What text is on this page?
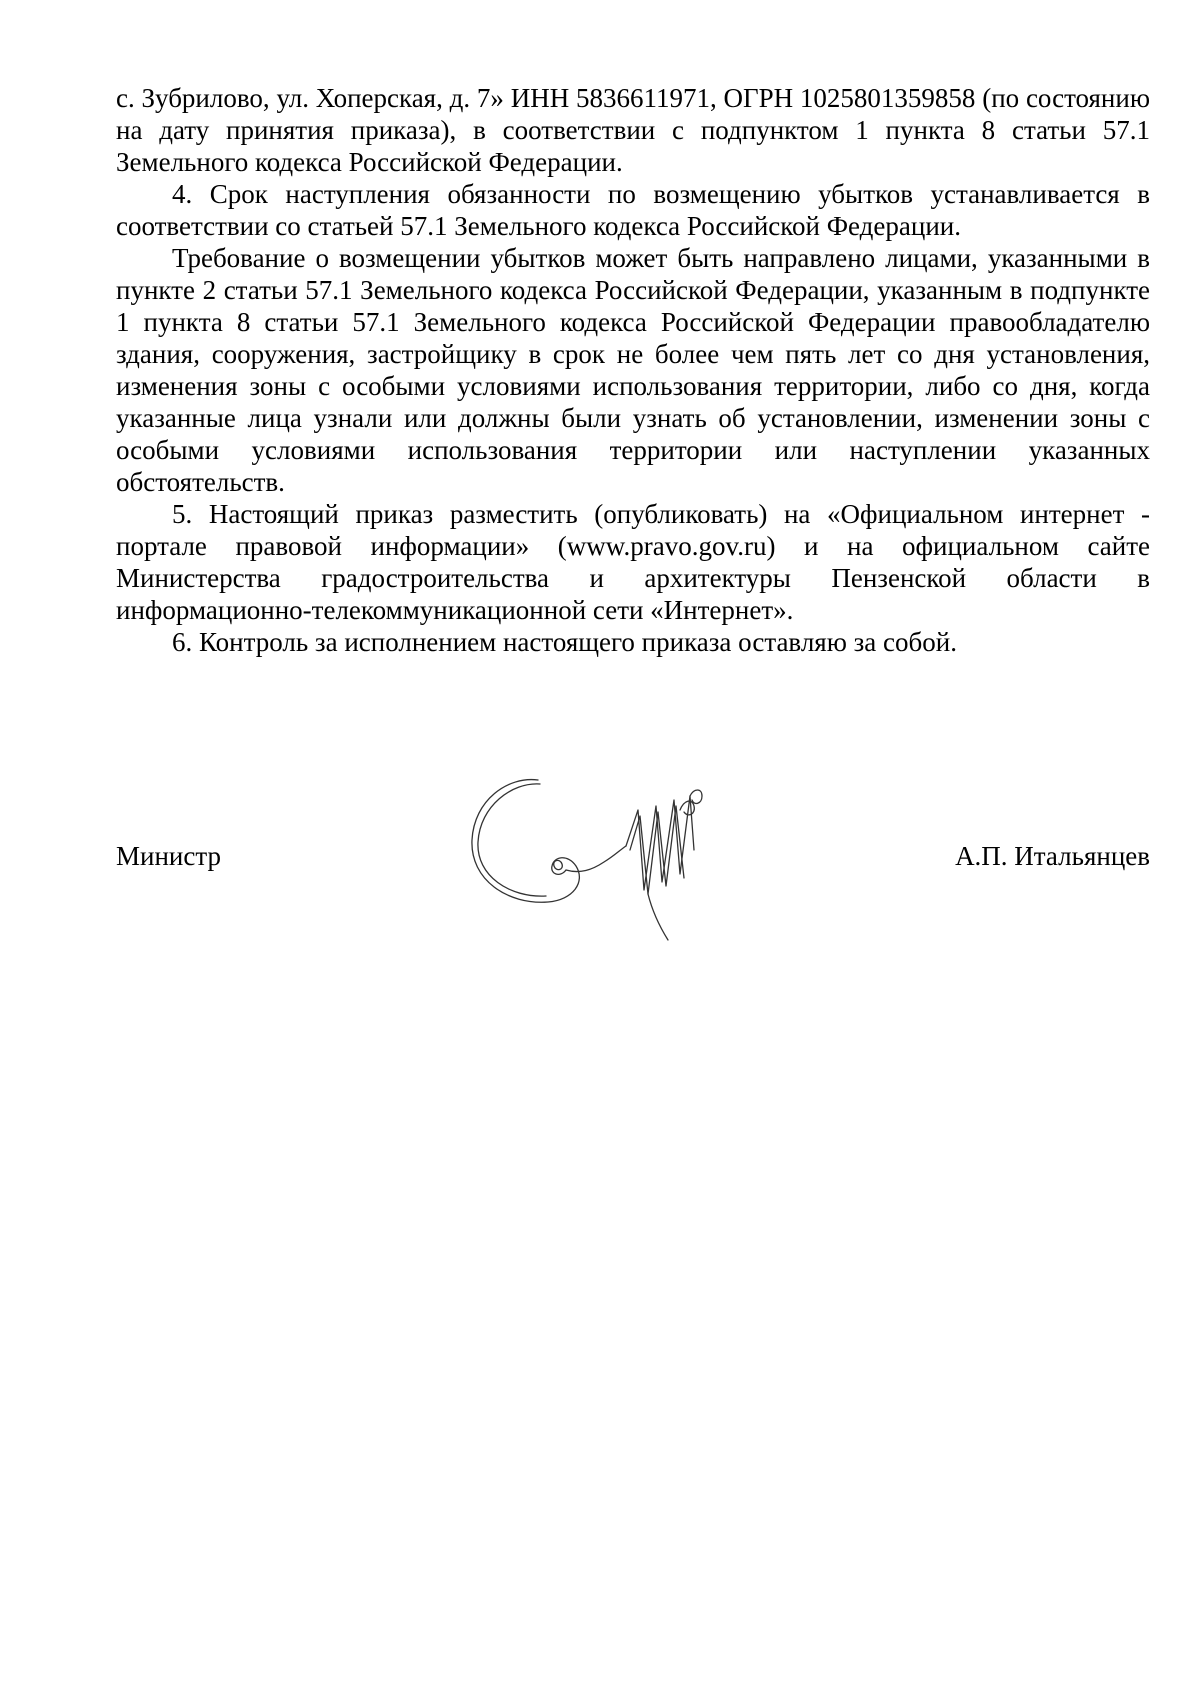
с. Зубрилово, ул. Хоперская, д. 7» ИНН 5836611971, ОГРН 1025801359858 (по состоянию на дату принятия приказа), в соответствии с подпунктом 1 пункта 8 статьи 57.1 Земельного кодекса Российской Федерации.

4. Срок наступления обязанности по возмещению убытков устанавливается в соответствии со статьей 57.1 Земельного кодекса Российской Федерации.

Требование о возмещении убытков может быть направлено лицами, указанными в пункте 2 статьи 57.1 Земельного кодекса Российской Федерации, указанным в подпункте 1 пункта 8 статьи 57.1 Земельного кодекса Российской Федерации правообладателю здания, сооружения, застройщику в срок не более чем пять лет со дня установления, изменения зоны с особыми условиями использования территории, либо со дня, когда указанные лица узнали или должны были узнать об установлении, изменении зоны с особыми условиями использования территории или наступлении указанных обстоятельств.

5. Настоящий приказ разместить (опубликовать) на «Официальном интернет - портале правовой информации» (www.pravo.gov.ru) и на официальном сайте Министерства градостроительства и архитектуры Пензенской области в информационно-телекоммуникационной сети «Интернет».

6. Контроль за исполнением настоящего приказа оставляю за собой.

Министр	А.П. Итальянцев
